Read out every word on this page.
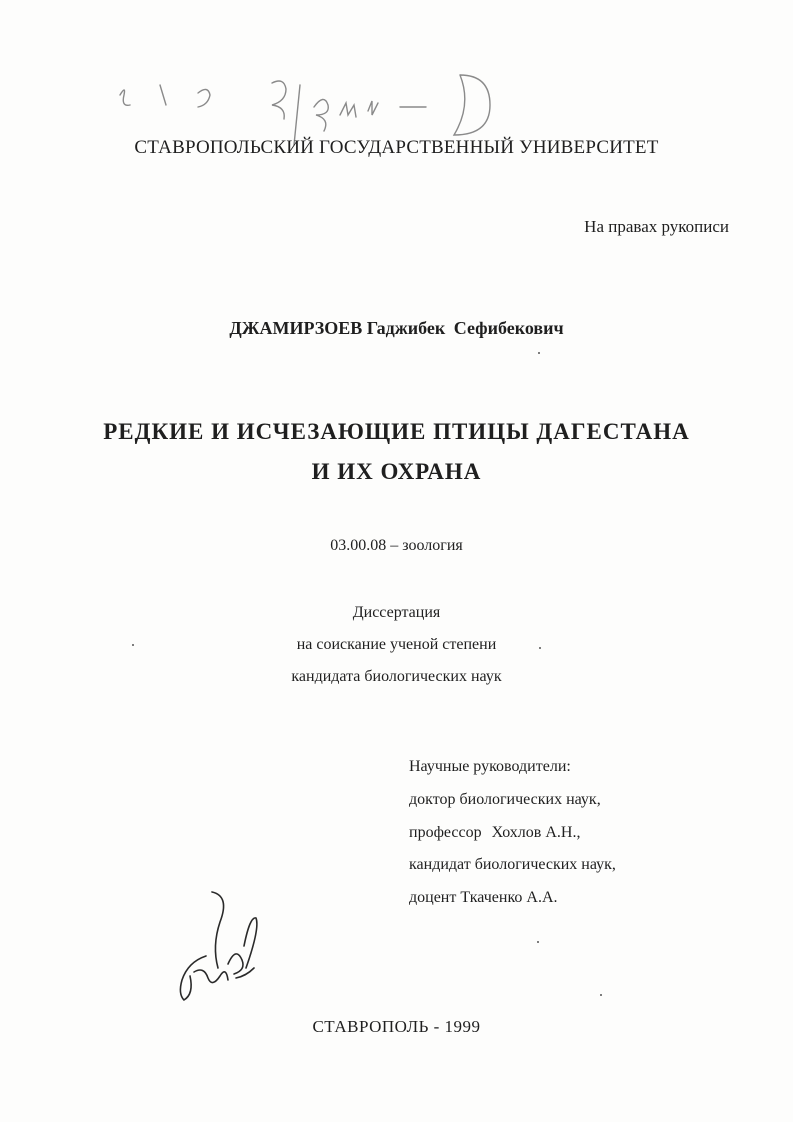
СТАВРОПОЛЬСКИЙ ГОСУДАРСТВЕННЫЙ УНИВЕРСИТЕТ
На правах рукописи
ДЖАМИРЗОЕВ Гаджибек Сефибекович
РЕДКИЕ И ИСЧЕЗАЮЩИЕ ПТИЦЫ ДАГЕСТАНА
И ИХ ОХРАНА
03.00.08 – зоология
Диссертация
на соискание ученой степени
кандидата биологических наук
Научные руководители:
доктор биологических наук,
профессор Хохлов А.Н.,
кандидат биологических наук,
доцент Ткаченко А.А.
СТАВРОПОЛЬ - 1999
